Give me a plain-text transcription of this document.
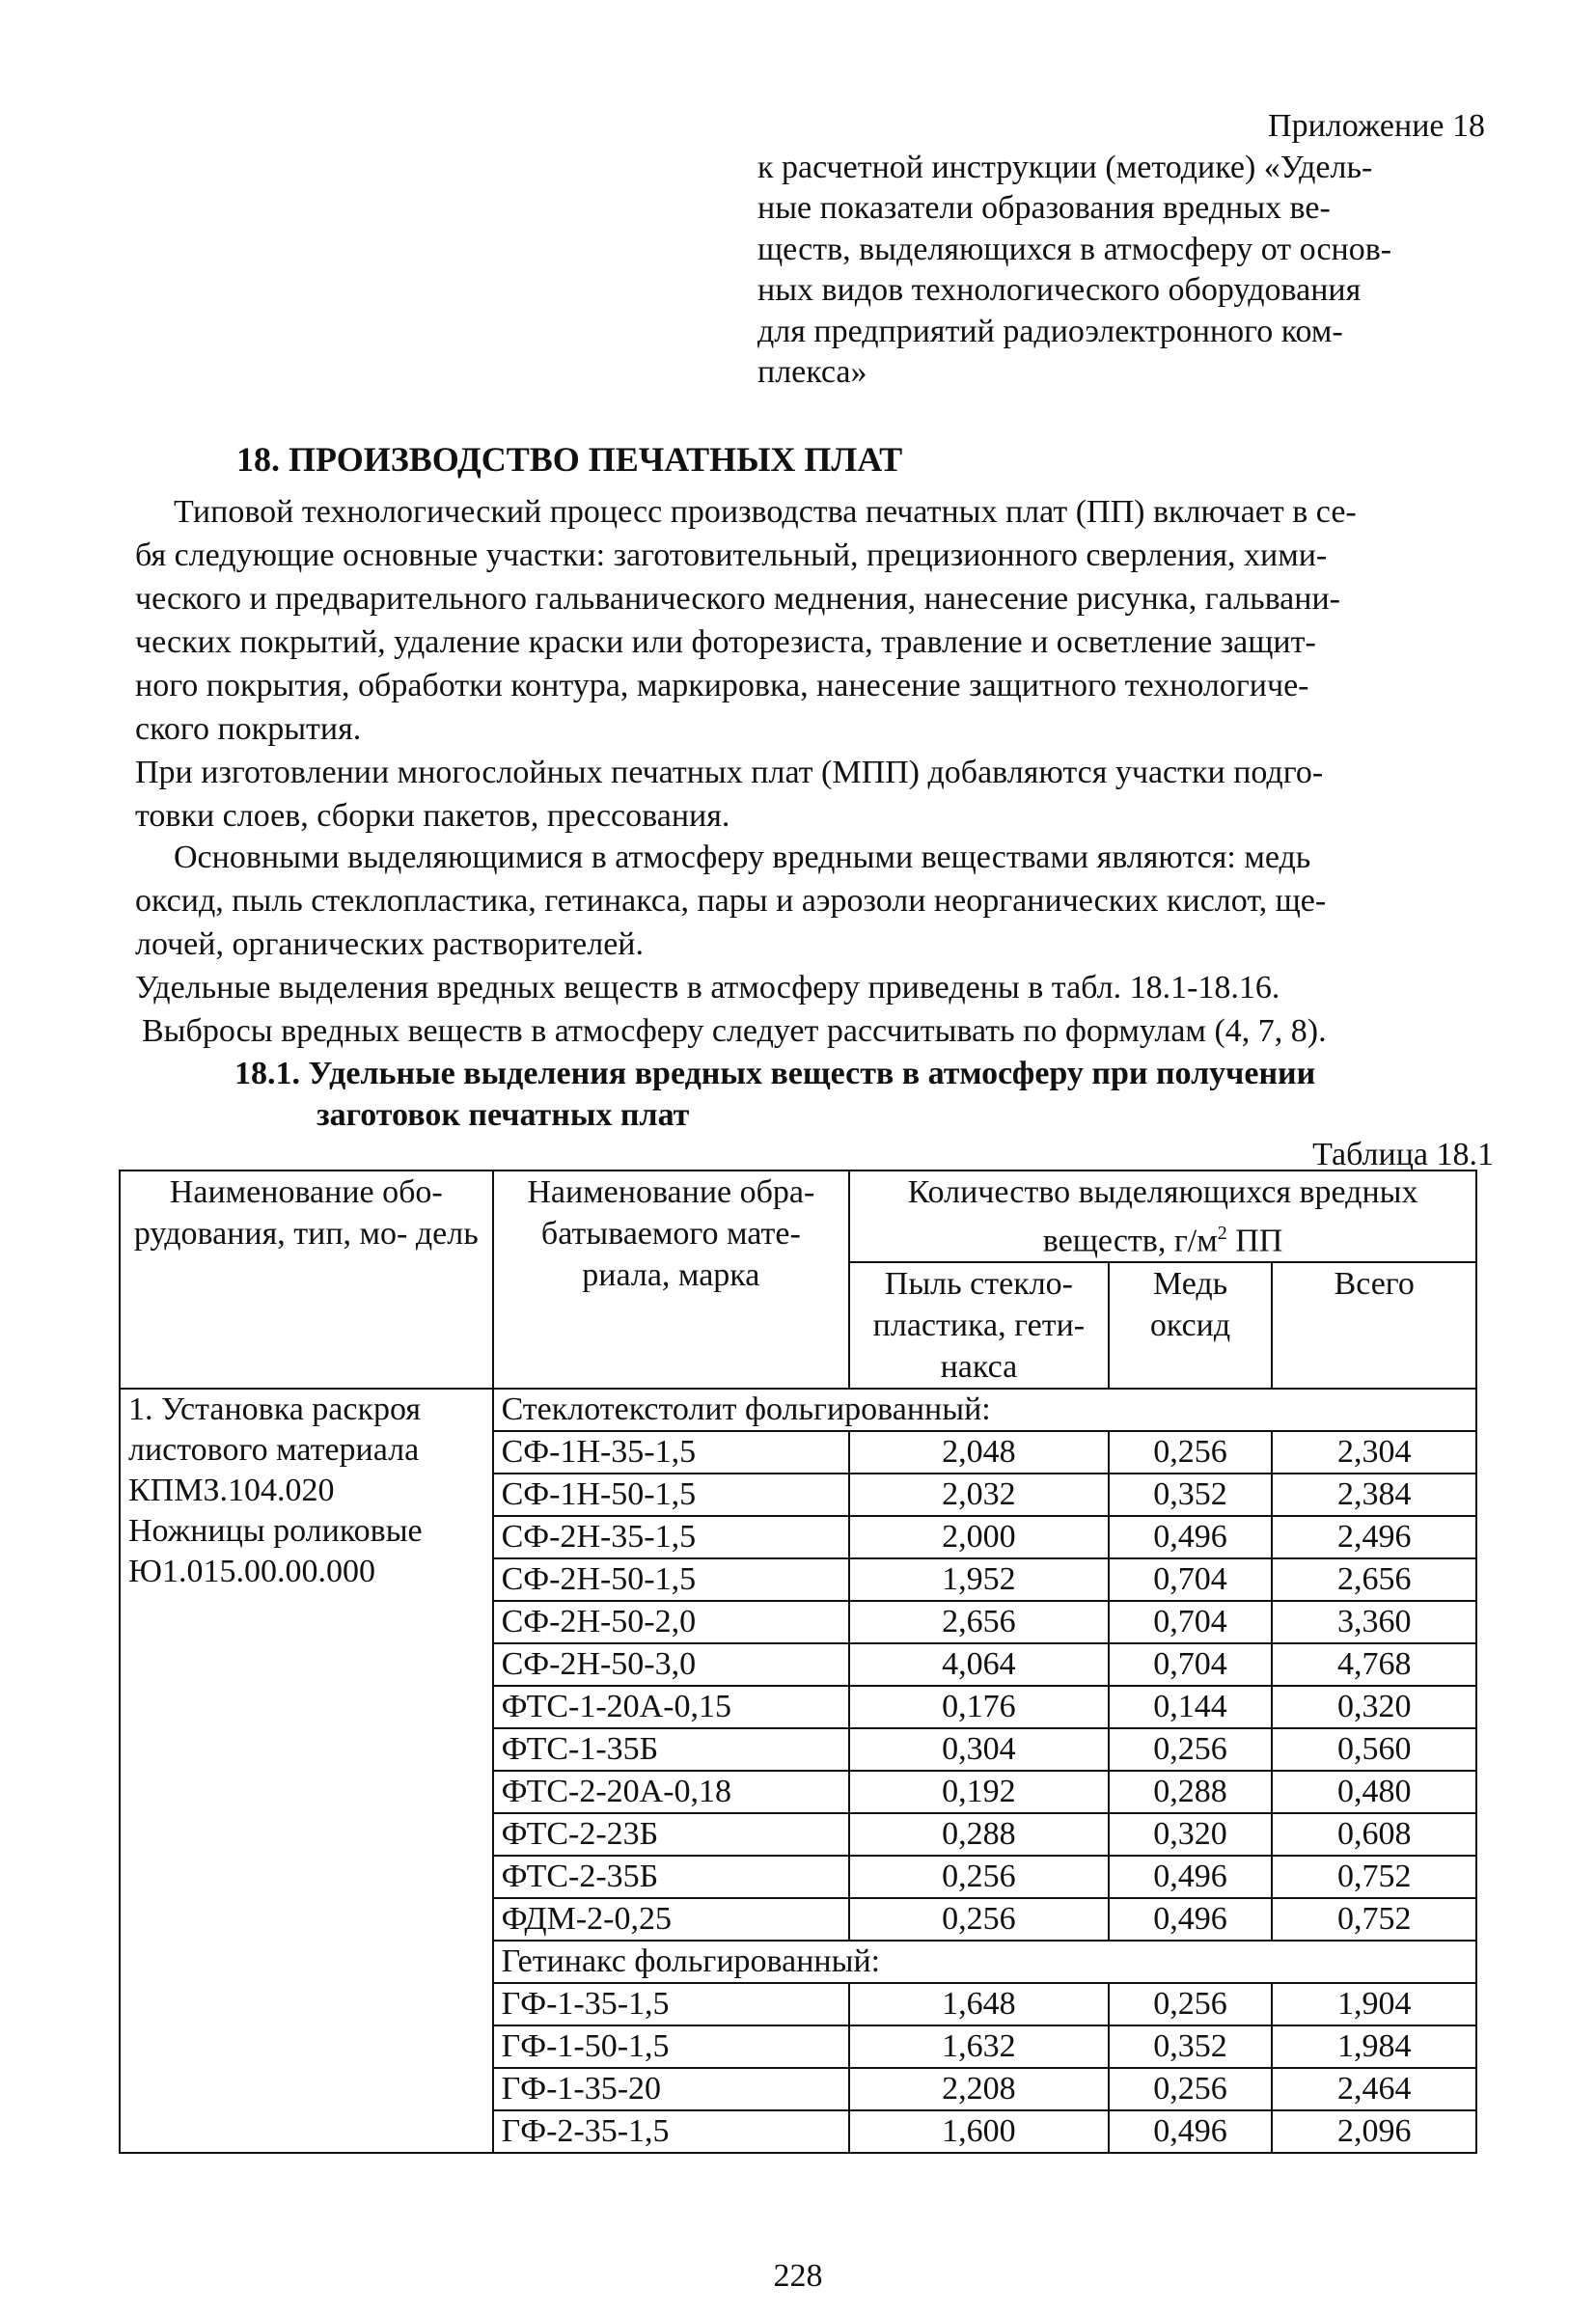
Приложение 18
к расчетной инструкции (методике) «Удель-
ные показатели образования вредных ве-
ществ, выделяющихся в атмосферу от основ-
ных видов технологического оборудования
для предприятий радиоэлектронного ком-
плекса»
18. ПРОИЗВОДСТВО ПЕЧАТНЫХ ПЛАТ
Типовой технологический процесс производства печатных плат (ПП) включает в се-
бя следующие основные участки: заготовительный, прецизионного сверления, хими-
ческого и предварительного гальванического меднения, нанесение рисунка, гальвани-
ческих покрытий, удаление краски или фоторезиста, травление и осветление защит-
ного покрытия, обработки контура, маркировка, нанесение защитного технологиче-
ского покрытия.
При изготовлении многослойных печатных плат (МПП) добавляются участки подго-
товки слоев, сборки пакетов, прессования.
Основными выделяющимися в атмосферу вредными веществами являются: медь
оксид, пыль стеклопластика, гетинакса, пары и аэрозоли неорганических кислот, ще-
лочей, органических растворителей.
Удельные выделения вредных веществ в атмосферу приведены в табл. 18.1-18.16.
Выбросы вредных веществ в атмосферу следует рассчитывать по формулам (4, 7, 8).
18.1. Удельные выделения вредных веществ в атмосферу при получении
заготовок печатных плат
Таблица 18.1
Наименование обо- рудования, тип, мо- дель	Наименование обра- батываемого мате- риала, марка	Количество выделяющихся вредных веществ, $г/м^2$ ПП		
		Пыль стекло- пластика, гети- накса	Медь оксид	Всего

1. Установка раскроя
листового материала
КПМЗ.104.020
Ножницы роликовые
Ю1.015.00.00.000	Стеклотекстолит фольгированный:			
	СФ-1Н-35-1,5	2,048	0,256	2,304
	СФ-1Н-50-1,5	2,032	0,352	2,384
	СФ-2Н-35-1,5	2,000	0,496	2,496
	СФ-2Н-50-1,5	1,952	0,704	2,656
	СФ-2Н-50-2,0	2,656	0,704	3,360
	СФ-2Н-50-3,0	4,064	0,704	4,768
	ФТС-1-20А-0,15	0,176	0,144	0,320
	ФТС-1-35Б	0,304	0,256	0,560
	ФТС-2-20А-0,18	0,192	0,288	0,480
	ФТС-2-23Б	0,288	0,320	0,608
	ФТС-2-35Б	0,256	0,496	0,752
	ФДМ-2-0,25	0,256	0,496	0,752
	Гетинакс фольгированный:			
	ГФ-1-35-1,5	1,648	0,256	1,904
	ГФ-1-50-1,5	1,632	0,352	1,984
	ГФ-1-35-20	2,208	0,256	2,464
	ГФ-2-35-1,5	1,600	0,496	2,096
228
